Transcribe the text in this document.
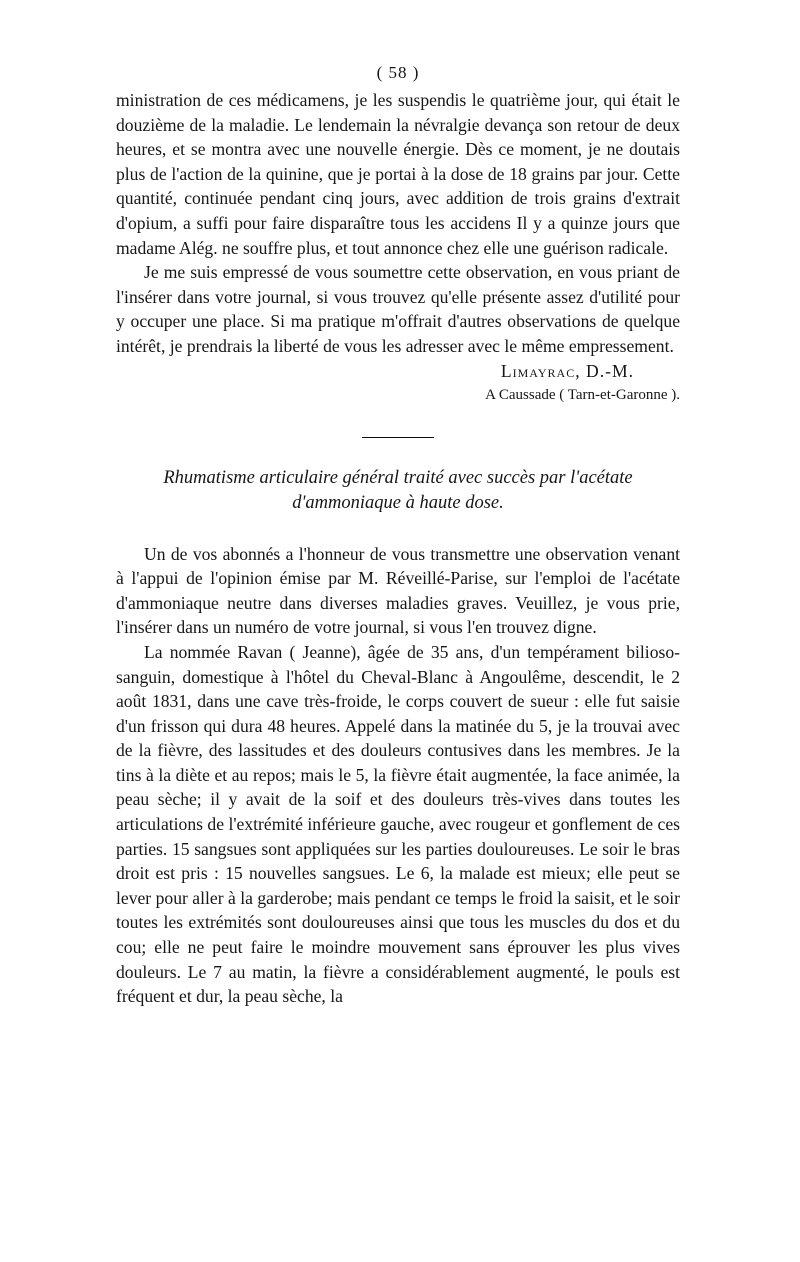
( 58 )

ministration de ces médicamens, je les suspendis le quatrième jour, qui était le douzième de la maladie. Le lendemain la névralgie devança son retour de deux heures, et se montra avec une nouvelle énergie. Dès ce moment, je ne doutais plus de l'action de la quinine, que je portai à la dose de 18 grains par jour. Cette quantité, continuée pendant cinq jours, avec addition de trois grains d'extrait d'opium, a suffi pour faire disparaître tous les accidens Il y a quinze jours que madame Alég. ne souffre plus, et tout annonce chez elle une guérison radicale.

Je me suis empressé de vous soumettre cette observation, en vous priant de l'insérer dans votre journal, si vous trouvez qu'elle présente assez d'utilité pour y occuper une place. Si ma pratique m'offrait d'autres observations de quelque intérêt, je prendrais la liberté de vous les adresser avec le même empressement.

Limayrac, D.-M.

A Caussade ( Tarn-et-Garonne ).

Rhumatisme articulaire général traité avec succès par l'acétate
d'ammoniaque à haute dose.

Un de vos abonnés a l'honneur de vous transmettre une observation venant à l'appui de l'opinion émise par M. Réveillé-Parise, sur l'emploi de l'acétate d'ammoniaque neutre dans diverses maladies graves. Veuillez, je vous prie, l'insérer dans un numéro de votre journal, si vous l'en trouvez digne.

La nommée Ravan ( Jeanne), âgée de 35 ans, d'un tempérament bilioso-sanguin, domestique à l'hôtel du Cheval-Blanc à Angoulême, descendit, le 2 août 1831, dans une cave très-froide, le corps couvert de sueur : elle fut saisie d'un frisson qui dura 48 heures. Appelé dans la matinée du 5, je la trouvai avec de la fièvre, des lassitudes et des douleurs contusives dans les membres. Je la tins à la diète et au repos; mais le 5, la fièvre était augmentée, la face animée, la peau sèche; il y avait de la soif et des douleurs très-vives dans toutes les articulations de l'extrémité inférieure gauche, avec rougeur et gonflement de ces parties. 15 sangsues sont appliquées sur les parties douloureuses. Le soir le bras droit est pris : 15 nouvelles sangsues. Le 6, la malade est mieux; elle peut se lever pour aller à la garderobe; mais pendant ce temps le froid la saisit, et le soir toutes les extrémités sont douloureuses ainsi que tous les muscles du dos et du cou; elle ne peut faire le moindre mouvement sans éprouver les plus vives douleurs. Le 7 au matin, la fièvre a considérablement augmenté, le pouls est fréquent et dur, la peau sèche, la
